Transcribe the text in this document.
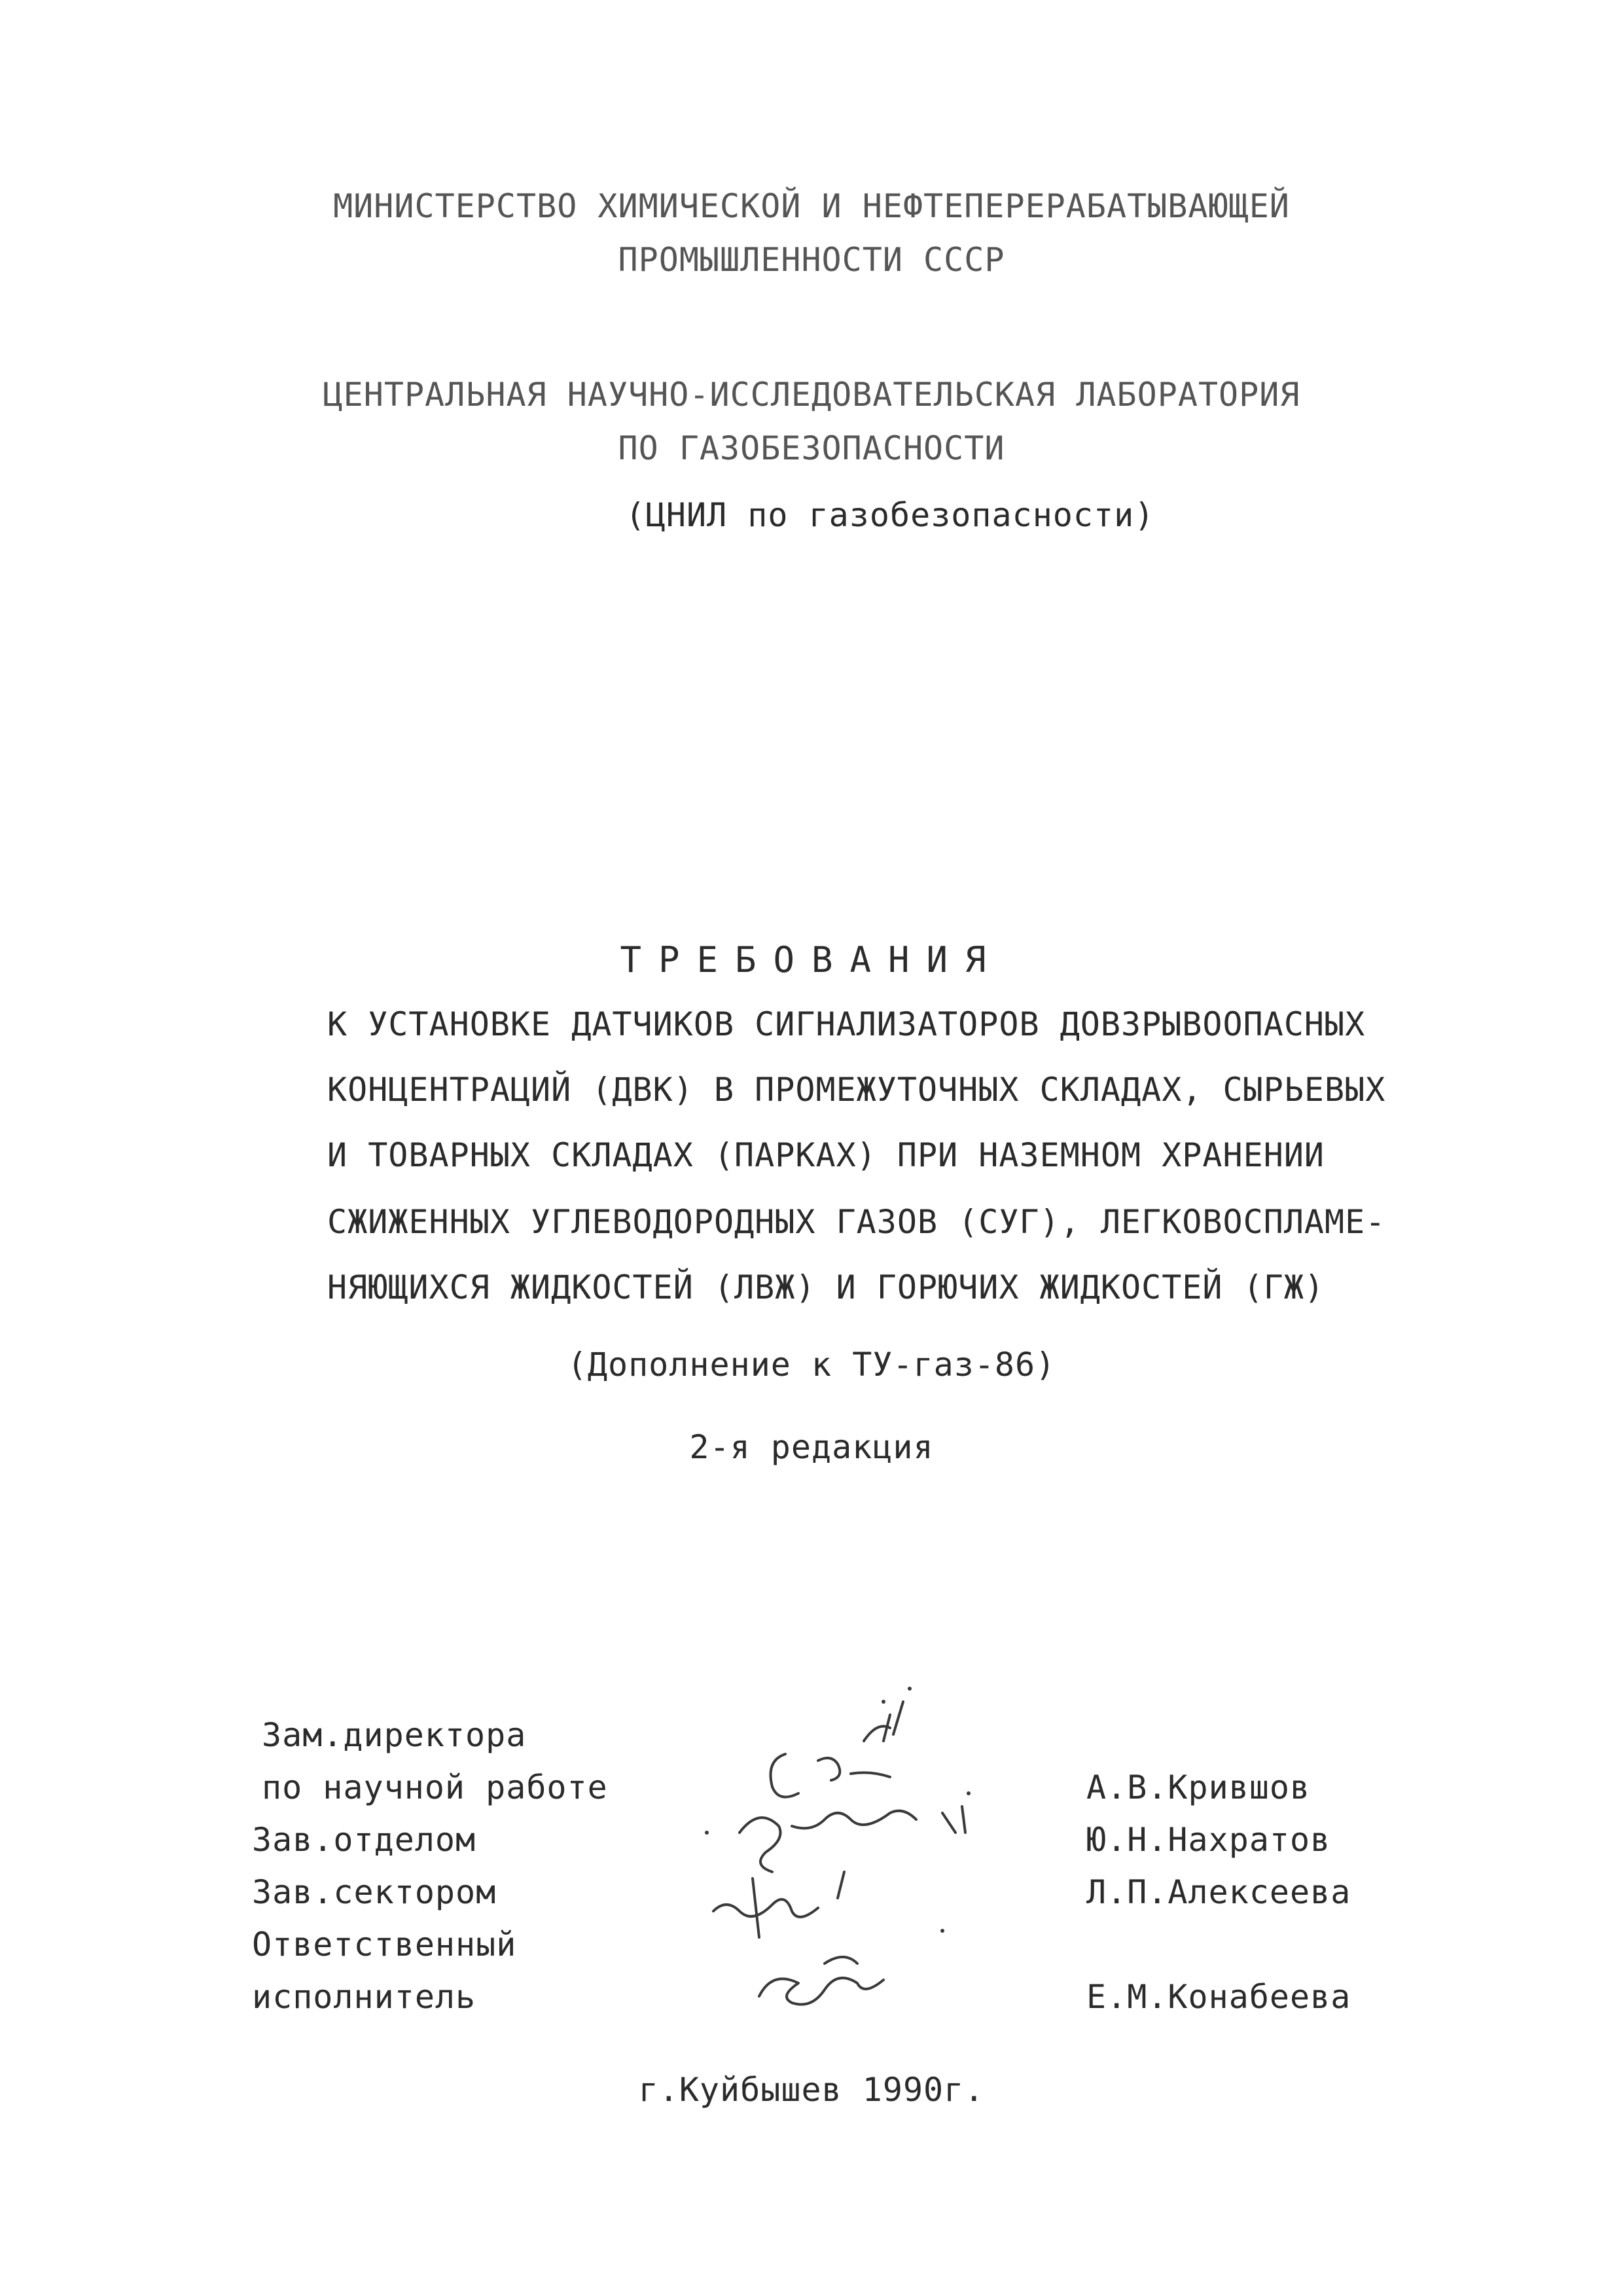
МИНИСТЕРСТВО ХИМИЧЕСКОЙ И НЕФТЕПЕРЕРАБАТЫВАЮЩЕЙ
ПРОМЫШЛЕННОСТИ СССР
ЦЕНТРАЛЬНАЯ НАУЧНО-ИССЛЕДОВАТЕЛЬСКАЯ ЛАБОРАТОРИЯ
ПО ГАЗОБЕЗОПАСНОСТИ
(ЦНИЛ по газобезопасности)
ТРЕБОВАНИЯ
К УСТАНОВКЕ ДАТЧИКОВ СИГНАЛИЗАТОРОВ ДОВЗРЫВООПАСНЫХ
КОНЦЕНТРАЦИЙ (ДВК) В ПРОМЕЖУТОЧНЫХ СКЛАДАХ, СЫРЬЕВЫХ
И ТОВАРНЫХ СКЛАДАХ (ПАРКАХ) ПРИ НАЗЕМНОМ ХРАНЕНИИ
СЖИЖЕННЫХ УГЛЕВОДОРОДНЫХ ГАЗОВ (СУГ), ЛЕГКОВОСПЛАМЕ-
НЯЮЩИХСЯ ЖИДКОСТЕЙ (ЛВЖ) И ГОРЮЧИХ ЖИДКОСТЕЙ (ГЖ)
(Дополнение к ТУ-газ-86)
2-я редакция
Зам.директора
по научной работе
Зав.отделом
Зав.сектором
Ответственный
исполнитель
А.В.Крившов
Ю.Н.Нахратов
Л.П.Алексеева
Е.М.Конабеева
г.Куйбышев 1990г.
